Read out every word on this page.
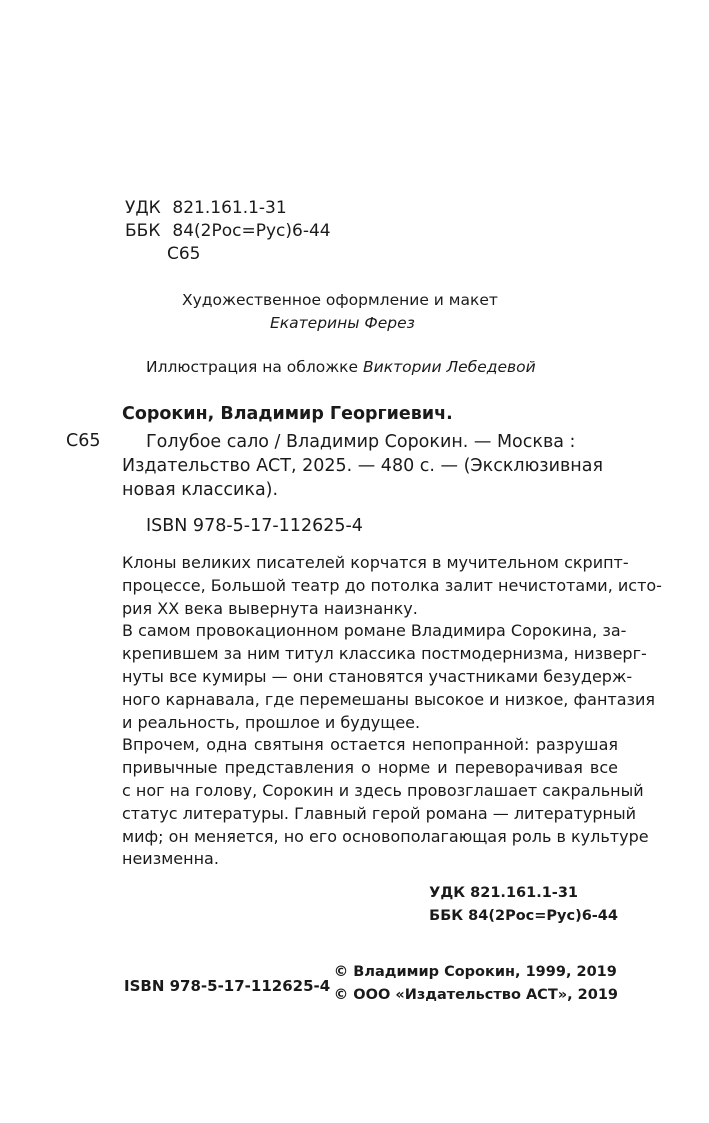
УДК 821.161.1-31
ББК 84(2Рос=Рус)6-44
С65
Художественное оформление и макет
Екатерины Ферез
Иллюстрация на обложке Виктории Лебедевой
Сорокин, Владимир Георгиевич.
С65	Голубое сало / Владимир Сорокин. — Москва :
Издательство АСТ, 2025. — 480 с. — (Эксклюзивная
новая классика).
ISBN 978-5-17-112625-4
Клоны великих писателей корчатся в мучительном скрипт-
процессе, Большой театр до потолка залит нечистотами, исто-
рия ХХ века вывернута наизнанку.
В самом провокационном романе Владимира Сорокина, за-
крепившем за ним титул классика постмодернизма, низверг-
нуты все кумиры — они становятся участниками безудерж-
ного карнавала, где перемешаны высокое и низкое, фантазия
и реальность, прошлое и будущее.
Впрочем, одна святыня остается непопранной: разрушая
привычные представления о норме и переворачивая все
с ног на голову, Сорокин и здесь провозглашает сакральный
статус литературы. Главный герой романа — литературный
миф; он меняется, но его основополагающая роль в культуре
неизменна.
УДК 821.161.1-31
ББК 84(2Рос=Рус)6-44
ISBN 978-5-17-112625-4
© Владимир Сорокин, 1999, 2019
© ООО «Издательство АСТ», 2019
